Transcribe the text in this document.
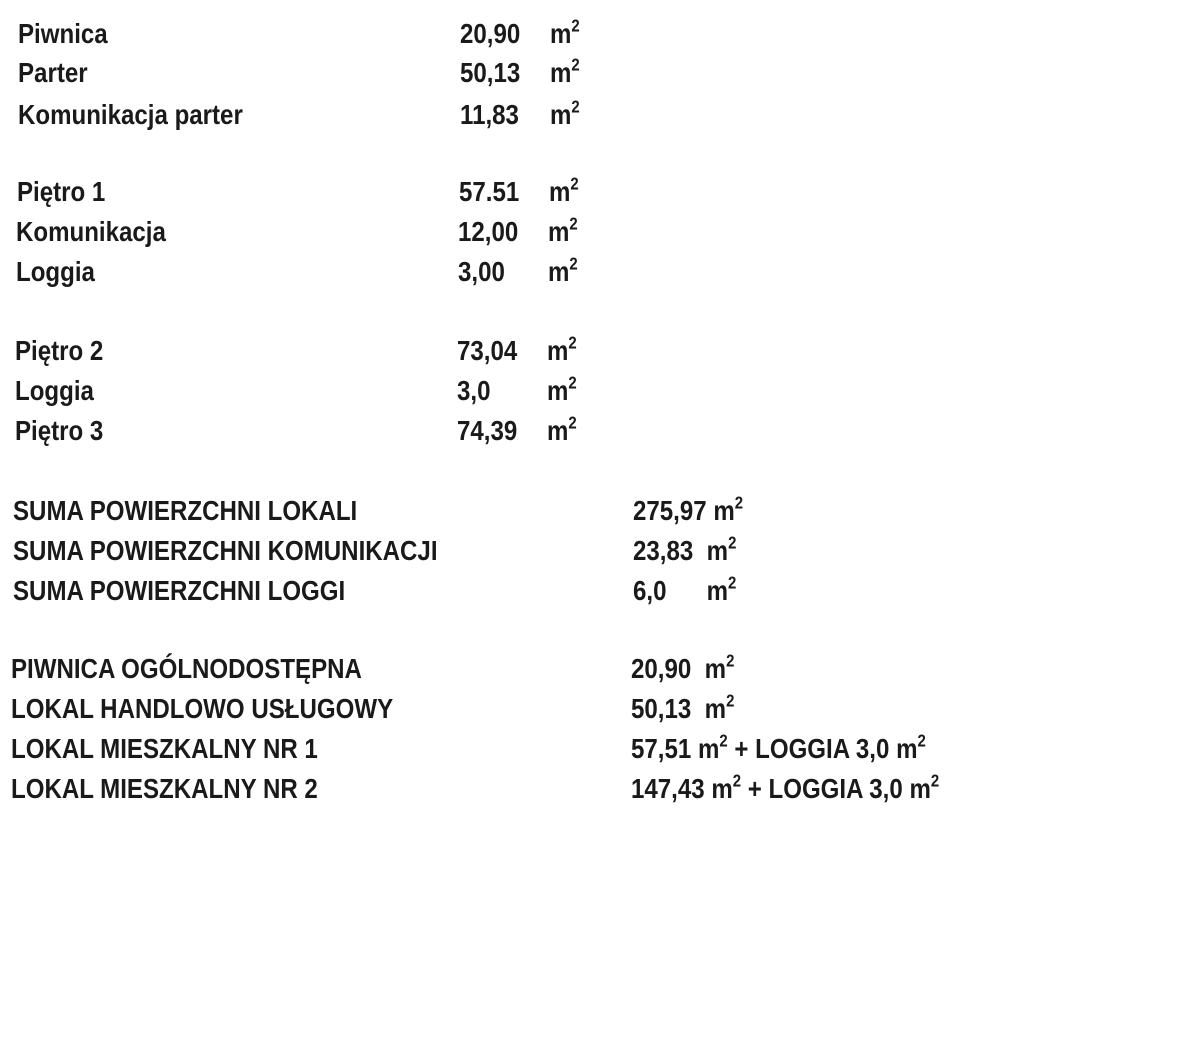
Piwnica	20,90 $m^2$
Parter	50,13 $m^2$
Komunikacja parter	11,83 $m^2$
Piętro 1	57.51 $m^2$
Komunikacja	12,00 $m^2$
Loggia	3,00 $m^2$
Piętro 2	73,04 $m^2$
Loggia	3,0 $m^2$
Piętro 3	74,39 $m^2$
SUMA POWIERZCHNI LOKALI	275,97 $m^2$
SUMA POWIERZCHNI KOMUNIKACJI	23,83 $m^2$
SUMA POWIERZCHNI LOGGI	6,0 $m^2$
PIWNICA OGÓLNODOSTĘPNA	20,90 $m^2$
LOKAL HANDLOWO USŁUGOWY	50,13 $m^2$
LOKAL MIESZKALNY NR 1	57,51 $m^2$ + LOGGIA 3,0 $m^2$
LOKAL MIESZKALNY NR 2	147,43 $m^2$ + LOGGIA 3,0 $m^2$
